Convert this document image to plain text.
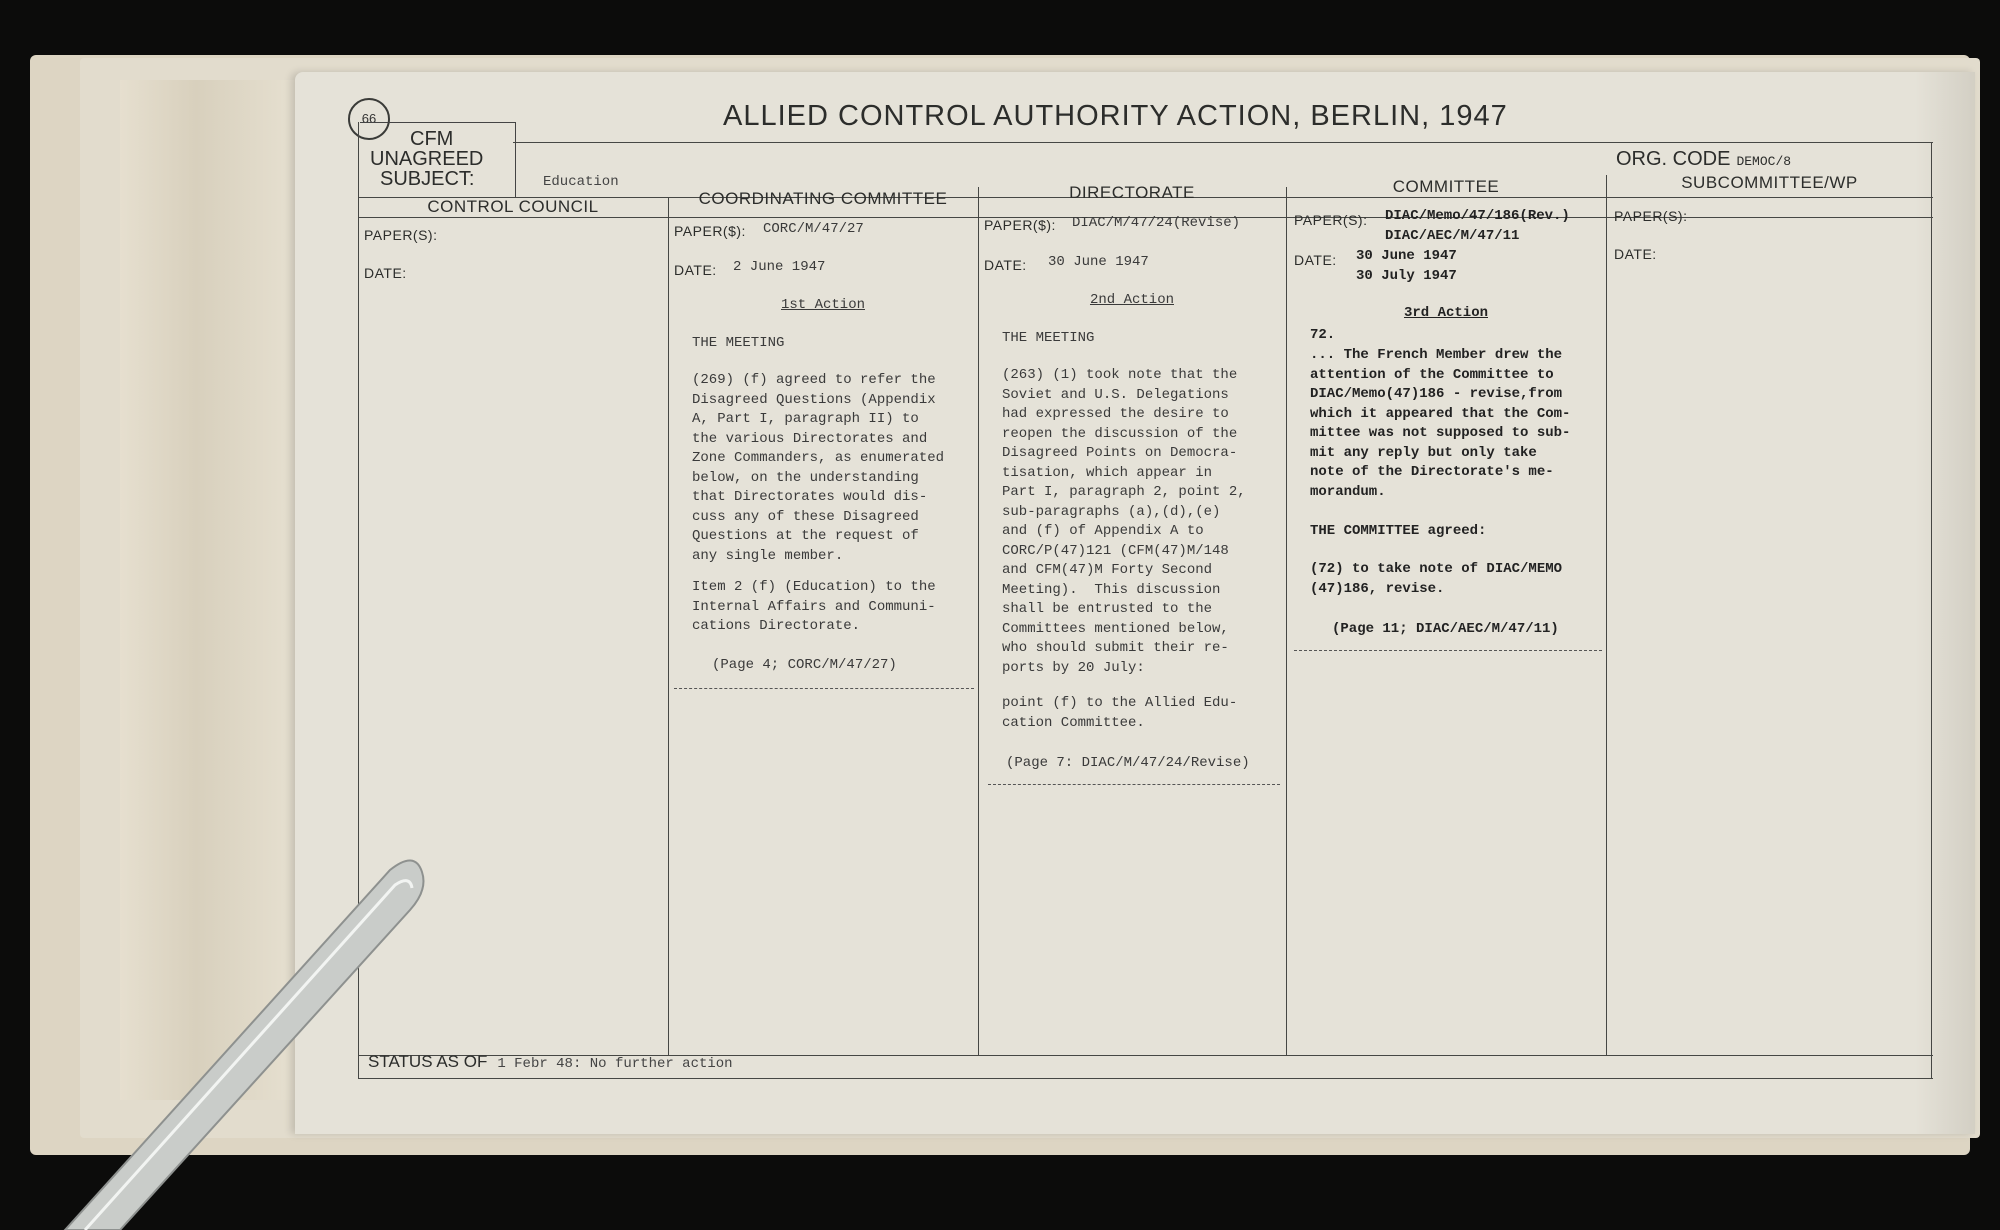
66	ALLIED CONTROL AUTHORITY ACTION, BERLIN, 1947
CFM
UNAGREED
SUBJECT:	Education
ORG. CODE DEMOC/8
CONTROL COUNCIL	COORDINATING COMMITTEE	DIRECTORATE	COMMITTEE	SUBCOMMITTEE/WP
PAPER(S):
DATE:
PAPER($): CORC/M/47/27
DATE: 2 June 1947
1st Action
THE MEETING
(269) (f) agreed to refer the
Disagreed Questions (Appendix
A, Part I, paragraph II) to
the various Directorates and
Zone Commanders, as enumerated
below, on the understanding
that Directorates would dis-
cuss any of these Disagreed
Questions at the request of
any single member.
Item 2 (f) (Education) to the
Internal Affairs and Communi-
cations Directorate.
(Page 4; CORC/M/47/27)
PAPER($): DIAC/M/47/24(Revise)
DATE: 30 June 1947
2nd Action
THE MEETING
(263) (1) took note that the
Soviet and U.S. Delegations
had expressed the desire to
reopen the discussion of the
Disagreed Points on Democra-
tisation, which appear in
Part I, paragraph 2, point 2,
sub-paragraphs (a),(d),(e)
and (f) of Appendix A to
CORC/P(47)121 (CFM(47)M/148
and CFM(47)M Forty Second
Meeting).  This discussion
shall be entrusted to the
Committees mentioned below,
who should submit their re-
ports by 20 July:
point (f) to the Allied Edu-
cation Committee.
(Page 7: DIAC/M/47/24/Revise)
PAPER(S): DIAC/Memo/47/186(Rev.)
DIAC/AEC/M/47/11
DATE: 30 June 1947
30 July 1947
3rd Action
72.
... The French Member drew the
attention of the Committee to
DIAC/Memo(47)186 - revise,from
which it appeared that the Com-
mittee was not supposed to sub-
mit any reply but only take
note of the Directorate's me-
morandum.
THE COMMITTEE agreed:
(72) to take note of DIAC/MEMO
(47)186, revise.
(Page 11; DIAC/AEC/M/47/11)
PAPER(S):
DATE:
STATUS AS OF 1 Febr 48: No further action
